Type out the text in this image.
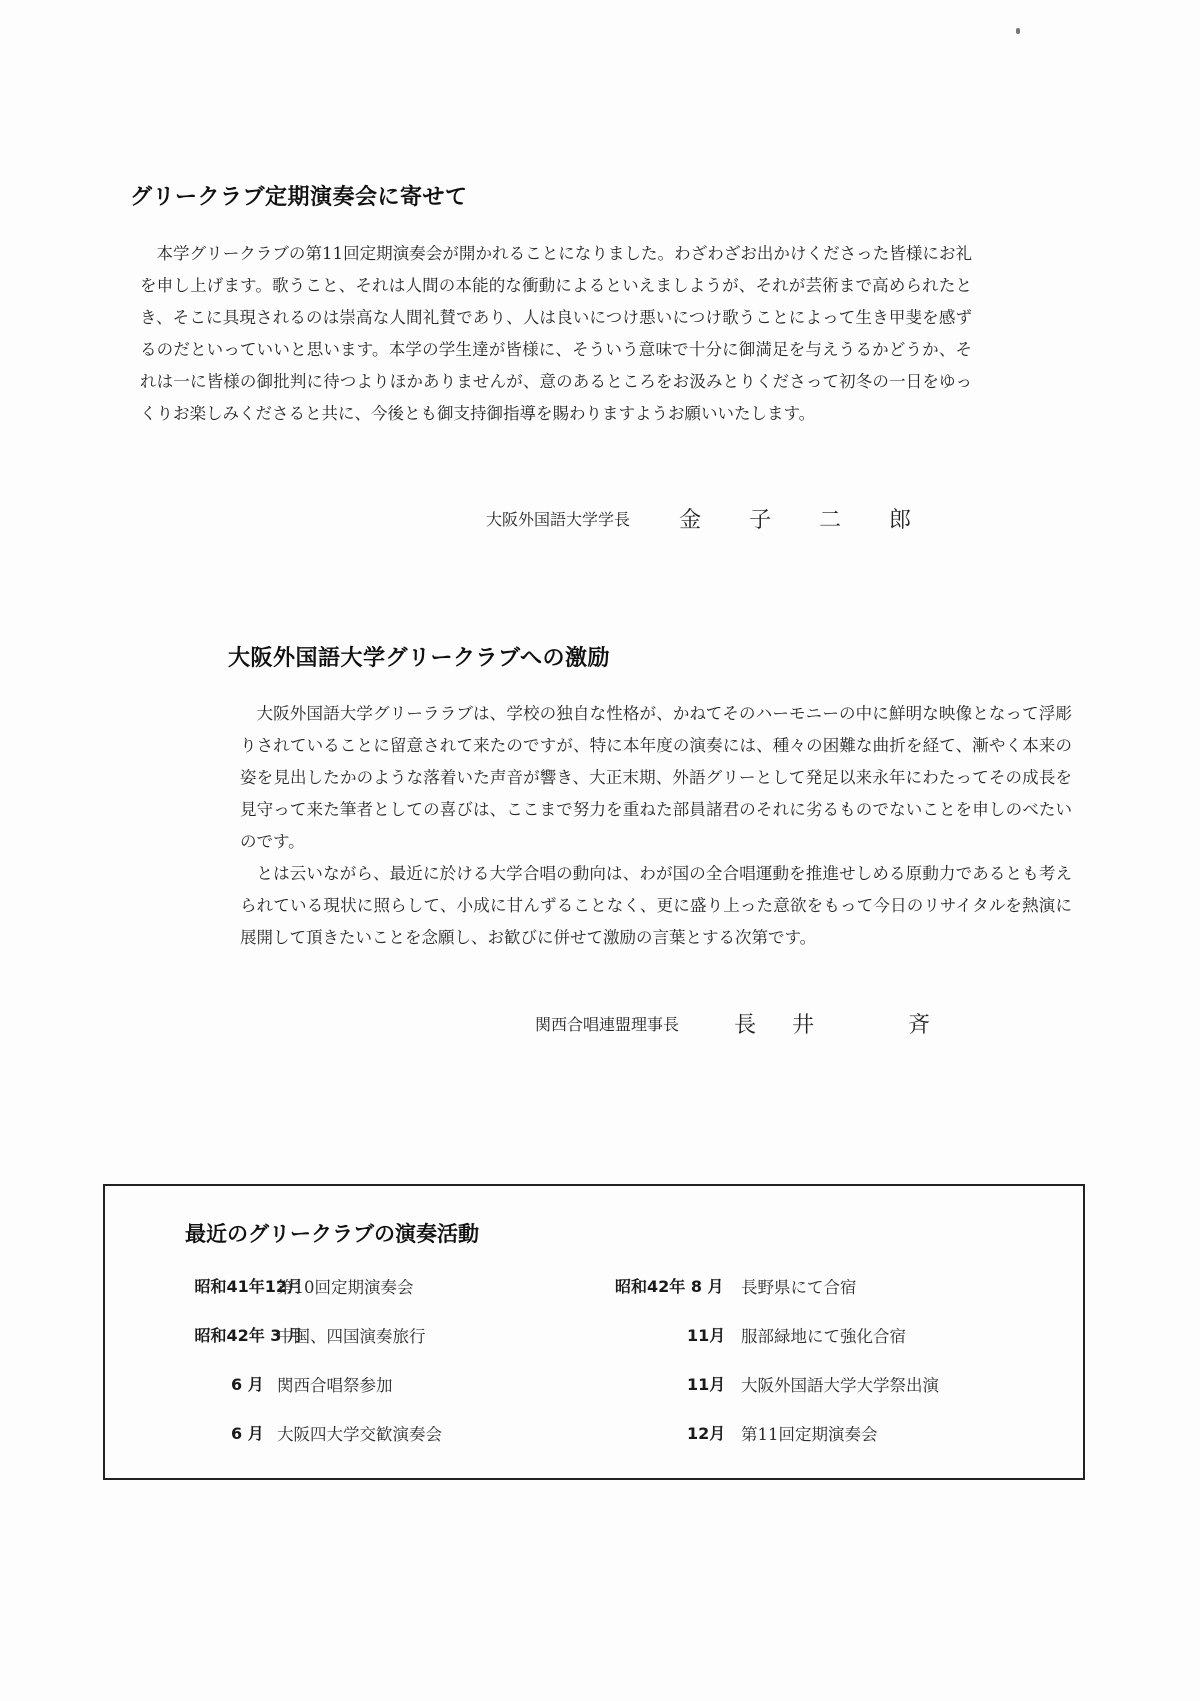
グリークラブ定期演奏会に寄せて

本学グリークラブの第11回定期演奏会が開かれることになりました。わざわざお出かけくださった皆様にお礼を申し上げます。歌うこと、それは人間の本能的な衝動によるといえましようが、それが芸術まで高められたとき、そこに具現されるのは崇高な人間礼賛であり、人は良いにつけ悪いにつけ歌うことによって生き甲斐を感ずるのだといっていいと思います。本学の学生達が皆様に、そういう意味で十分に御満足を与えうるかどうか、それは一に皆様の御批判に待つよりほかありませんが、意のあるところをお汲みとりくださって初冬の一日をゆっくりお楽しみくださると共に、今後とも御支持御指導を賜わりますようお願いいたします。

大阪外国語大学学長 金子二郎
大阪外国語大学グリークラブへの激励

大阪外国語大学グリーララブは、学校の独自な性格が、かねてそのハーモニーの中に鮮明な映像となって浮彫りされていることに留意されて来たのですが、特に本年度の演奏には、種々の困難な曲折を経て、漸やく本来の姿を見出したかのような落着いた声音が響き、大正末期、外語グリーとして発足以来永年にわたってその成長を見守って来た筆者としての喜びは、ここまで努力を重ねた部員諸君のそれに劣るものでないことを申しのべたいのです。

とは云いながら、最近に於ける大学合唱の動向は、わが国の全合唱運動を推進せしめる原動力であるとも考えられている現状に照らして、小成に甘んずることなく、更に盛り上った意欲をもって今日のリサイタルを熱演に展開して頂きたいことを念願し、お歓びに併せて激励の言葉とする次第です。

関西合唱連盟理事長	長井　斉
最近のグリークラブの演奏活動
昭和41年12月
第10回定期演奏会
昭和42年 3 月
中国、四国演奏旅行
6 月 関西合唱祭参加
6 月 大阪四大学交歓演奏会
昭和42年 8 月 長野県にて合宿
11月 服部緑地にて強化合宿
11月 大阪外国語大学大学祭出演
12月 第11回定期演奏会
